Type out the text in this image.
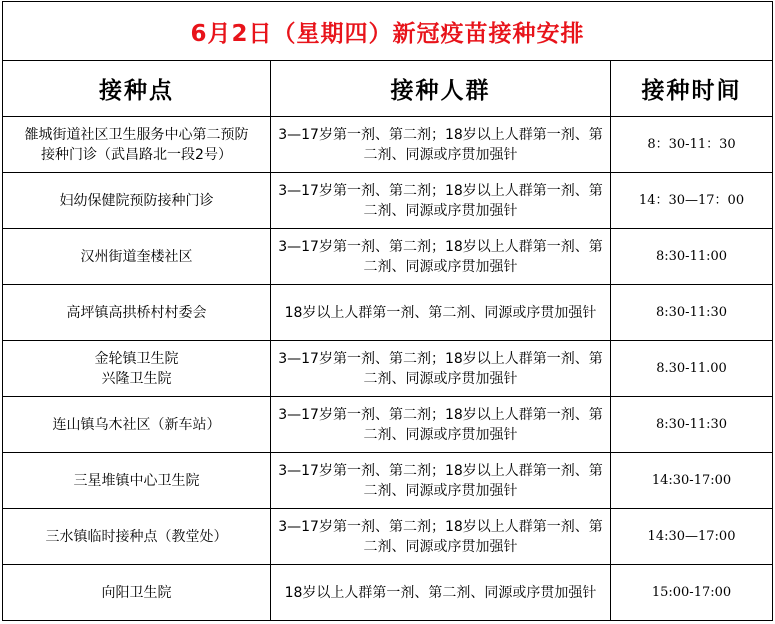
6月2日（星期四）新冠疫苗接种安排		
接种点	接种人群	接种时间

雒城街道社区卫生服务中心第二预防
接种门诊（武昌路北一段2号）	3—17岁第一剂、第二剂；18岁以上人群第一剂、第二剂、同源或序贯加强针	8：30-11：30

妇幼保健院预防接种门诊	3—17岁第一剂、第二剂；18岁以上人群第一剂、第二剂、同源或序贯加强针	14：30—17：00

汉州街道奎楼社区	3—17岁第一剂、第二剂；18岁以上人群第一剂、第二剂、同源或序贯加强针	8:30-11:00

高坪镇高拱桥村村委会	18岁以上人群第一剂、第二剂、同源或序贯加强针	8:30-11:30

金轮镇卫生院
兴隆卫生院	3—17岁第一剂、第二剂；18岁以上人群第一剂、第二剂、同源或序贯加强针	8.30-11.00

连山镇乌木社区（新车站）	3—17岁第一剂、第二剂；18岁以上人群第一剂、第二剂、同源或序贯加强针	8:30-11:30

三星堆镇中心卫生院	3—17岁第一剂、第二剂；18岁以上人群第一剂、第二剂、同源或序贯加强针	14:30-17:00

三水镇临时接种点（教堂处）	3—17岁第一剂、第二剂；18岁以上人群第一剂、第二剂、同源或序贯加强针	14:30—17:00

向阳卫生院	18岁以上人群第一剂、第二剂、同源或序贯加强针	15:00-17:00
